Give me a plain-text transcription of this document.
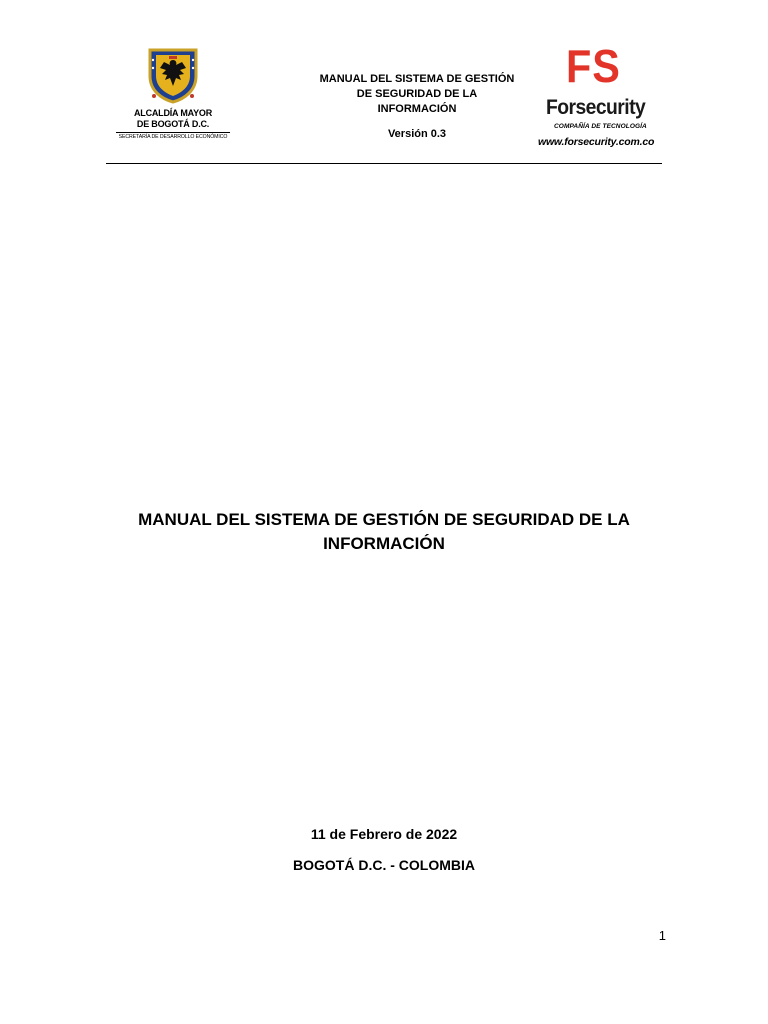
ALCALDÍA MAYOR
DE BOGOTÁ D.C.
SECRETARÍA DE DESARROLLO ECONÓMICO
MANUAL DEL SISTEMA DE GESTIÓN
DE SEGURIDAD DE LA
INFORMACIÓN
Versión 0.3
FS
Forsecurity
COMPAÑÍA DE TECNOLOGÍA
www.forsecurity.com.co
MANUAL DEL SISTEMA DE GESTIÓN DE SEGURIDAD DE LA
INFORMACIÓN
11 de Febrero de 2022
BOGOTÁ D.C. - COLOMBIA
1
